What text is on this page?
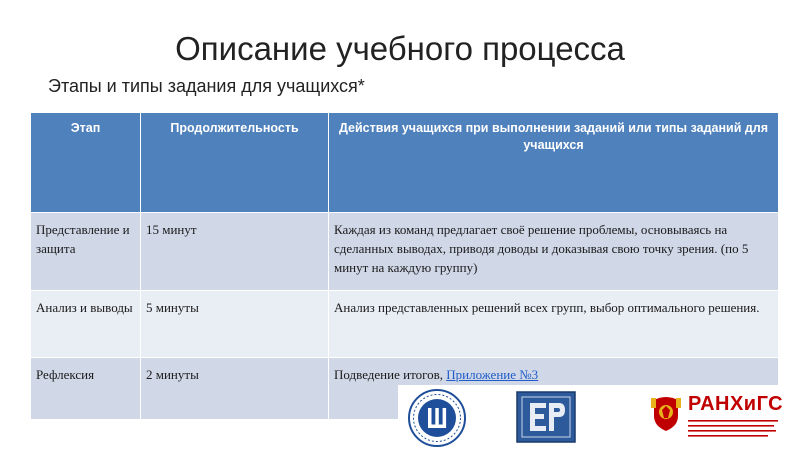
Описание учебного процесса
Этапы и типы задания для учащихся*
Этап	Продолжительность	Действия учащихся при выполнении заданий или типы заданий для учащихся
Представление и защита	15 минут	Каждая из команд предлагает своё решение проблемы, основываясь на сделанных выводах, приводя доводы и доказывая свою точку зрения. (по 5 минут на каждую группу)
Анализ и выводы	5 минуты	Анализ представленных решений всех групп, выбор оптимального решения.
Рефлексия	2 минуты	Подведение итогов, Приложение №3
РАНХиГС
